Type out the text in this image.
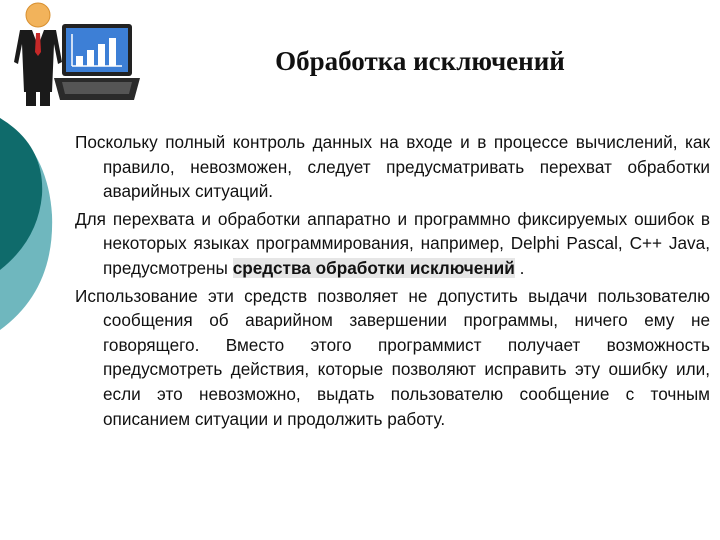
Обработка исключений

Поскольку полный контроль данных на входе и в процессе вычислений, как правило, невозможен, следует предусматривать перехват обработки аварийных ситуаций.

Для перехвата и обработки аппаратно и программно фиксируемых ошибок в некоторых языках программирования, например, Delphi Pascal, C++ Java, предусмотрены средства обработки исключений .

Использование эти средств позволяет не допустить выдачи пользователю сообщения об аварийном завершении программы, ничего ему не говорящего. Вместо этого программист получает возможность предусмотреть действия, которые позволяют исправить эту ошибку или, если это невозможно, выдать пользователю сообщение с точным описанием ситуации и продолжить работу.
